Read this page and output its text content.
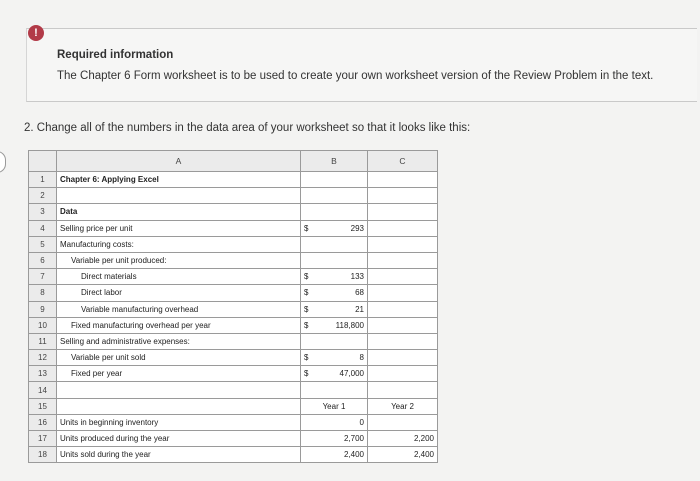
!
Required information
The Chapter 6 Form worksheet is to be used to create your own worksheet version of the Review Problem in the text.
2. Change all of the numbers in the data area of your worksheet so that it looks like this:
	A	B	C
1	Chapter 6: Applying Excel	

2		

3	Data	

4	Selling price per unit	$ 293	

5	Manufacturing costs:	

6	Variable per unit produced:	

7	Direct materials	$ 133	

8	Direct labor	$ 68	

9	Variable manufacturing overhead	$ 21	

10	Fixed manufacturing overhead per year	$ 118,800	

11	Selling and administrative expenses:	

12	Variable per unit sold	$ 8	

13	Fixed per year	$ 47,000	

14		

15		Year 1	Year 2
16	Units in beginning inventory	0	

17	Units produced during the year	2,700	2,200
18	Units sold during the year	2,400	2,400
